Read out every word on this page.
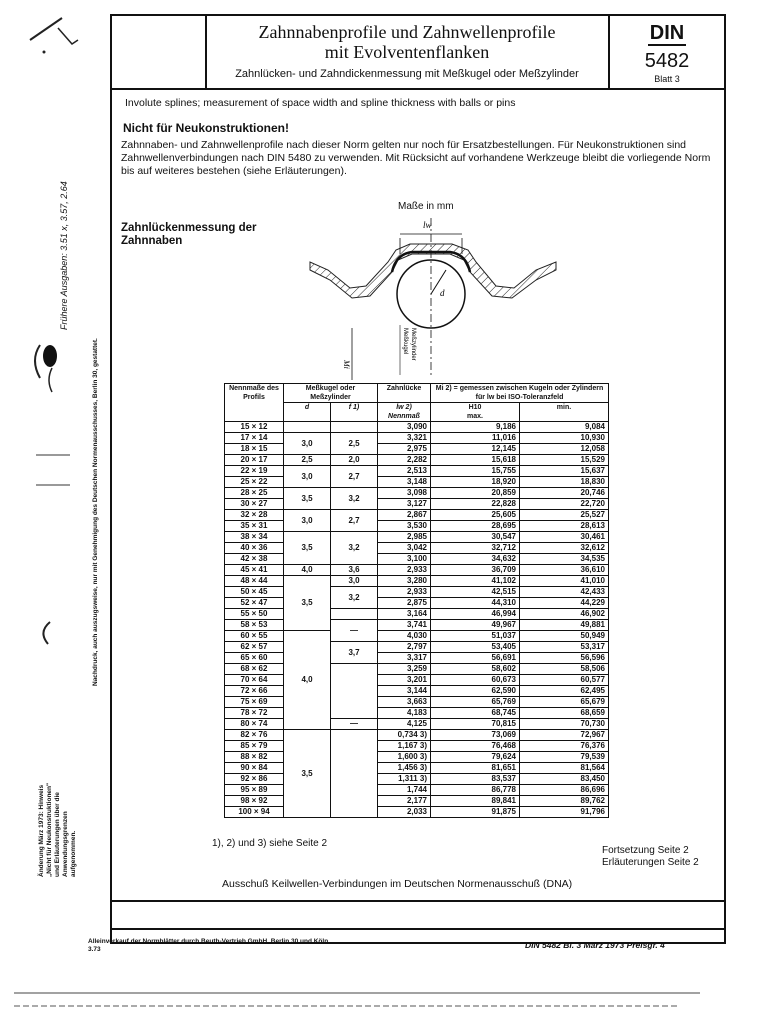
Zahnnabenprofile und Zahnwellenprofile
mit Evolventenflanken
Zahnlücken- und Zahndickenmessung mit Meßkugel oder Meßzylinder
DIN
5482
Blatt 3
Involute splines; measurement of space width and spline thickness with balls or pins
Nicht für Neukonstruktionen!
Zahnnaben- und Zahnwellenprofile nach dieser Norm gelten nur noch für Ersatzbestellungen. Für Neukonstruktionen sind Zahnwellenverbindungen nach DIN 5480 zu verwenden. Mit Rücksicht auf vorhandene Werkzeuge bleibt die vorliegende Norm bis auf weiteres bestehen (siehe Erläuterungen).
Zahnlückenmessung der Zahnnaben
Maße in mm
d
lw
Mi
Meßkugel Meßzylinder
Nennmaße des Profils	Meßkugel oder Meßzylinder		Zahnlücke	Mi 2) = gemessen zwischen Kugeln oder Zylindern für lw bei ISO-Toleranzfeld	
	d	f 1)	lw 2)
Nennmaß	H10
max.	min.
15 × 12			3,090	9,186	9,084
17 × 14	3,0	2,5	3,321	11,016	10,930
18 × 15			2,975	12,145	12,058
20 × 17	2,5	2,0	2,282	15,618	15,529
22 × 19	3,0	2,7	2,513	15,755	15,637
25 × 22			3,148	18,920	18,830
28 × 25	3,5	3,2	3,098	20,859	20,746
30 × 27			3,127	22,828	22,720
32 × 28	3,0	2,7	2,867	25,605	25,527
35 × 31			3,530	28,695	28,613
38 × 34	3,5	3,2	2,985	30,547	30,461
40 × 36			3,042	32,712	32,612
42 × 38			3,100	34,632	34,535
45 × 41	4,0	3,6	2,933	36,709	36,610
48 × 44	3,5	3,0	3,280	41,102	41,010
50 × 45		3,2	2,933	42,515	42,433
52 × 47			2,875	44,310	44,229
55 × 50			3,164	46,994	46,902
58 × 53		—	3,741	49,967	49,881
60 × 55	4,0		4,030	51,037	50,949
62 × 57		3,7	2,797	53,405	53,317
65 × 60			3,317	56,691	56,596
68 × 62			3,259	58,602	58,506
70 × 64			3,201	60,673	60,577
72 × 66			3,144	62,590	62,495
75 × 69			3,663	65,769	65,679
78 × 72			4,183	68,745	68,659
80 × 74		—	4,125	70,815	70,730
82 × 76	3,5		0,734 3)	73,069	72,967
85 × 79			1,167 3)	76,468	76,376
88 × 82			1,600 3)	79,624	79,539
90 × 84			1,456 3)	81,651	81,564
92 × 86			1,311 3)	83,537	83,450
95 × 89			1,744	86,778	86,696
98 × 92			2,177	89,841	89,762
100 × 94			2,033	91,875	91,796
1), 2) und 3) siehe Seite 2
Fortsetzung Seite 2
Erläuterungen Seite 2
Ausschuß Keilwellen-Verbindungen im Deutschen Normenausschuß (DNA)
Alleinverkauf der Normblätter durch Beuth-Vertrieb GmbH, Berlin 30 und Köln
3.73	DIN 5482 Bl. 3 März 1973 Preisgr. 4
Frühere Ausgaben: 3.51 x, 3.57, 2.64
Nachdruck, auch auszugsweise, nur mit Genehmigung des Deutschen Normenausschusses, Berlin 30, gestattet.
Änderung März 1973: Hinweis „Nicht für Neukonstruktionen" und Erläuterungen über die Anwendungsgrenzen aufgenommen.
